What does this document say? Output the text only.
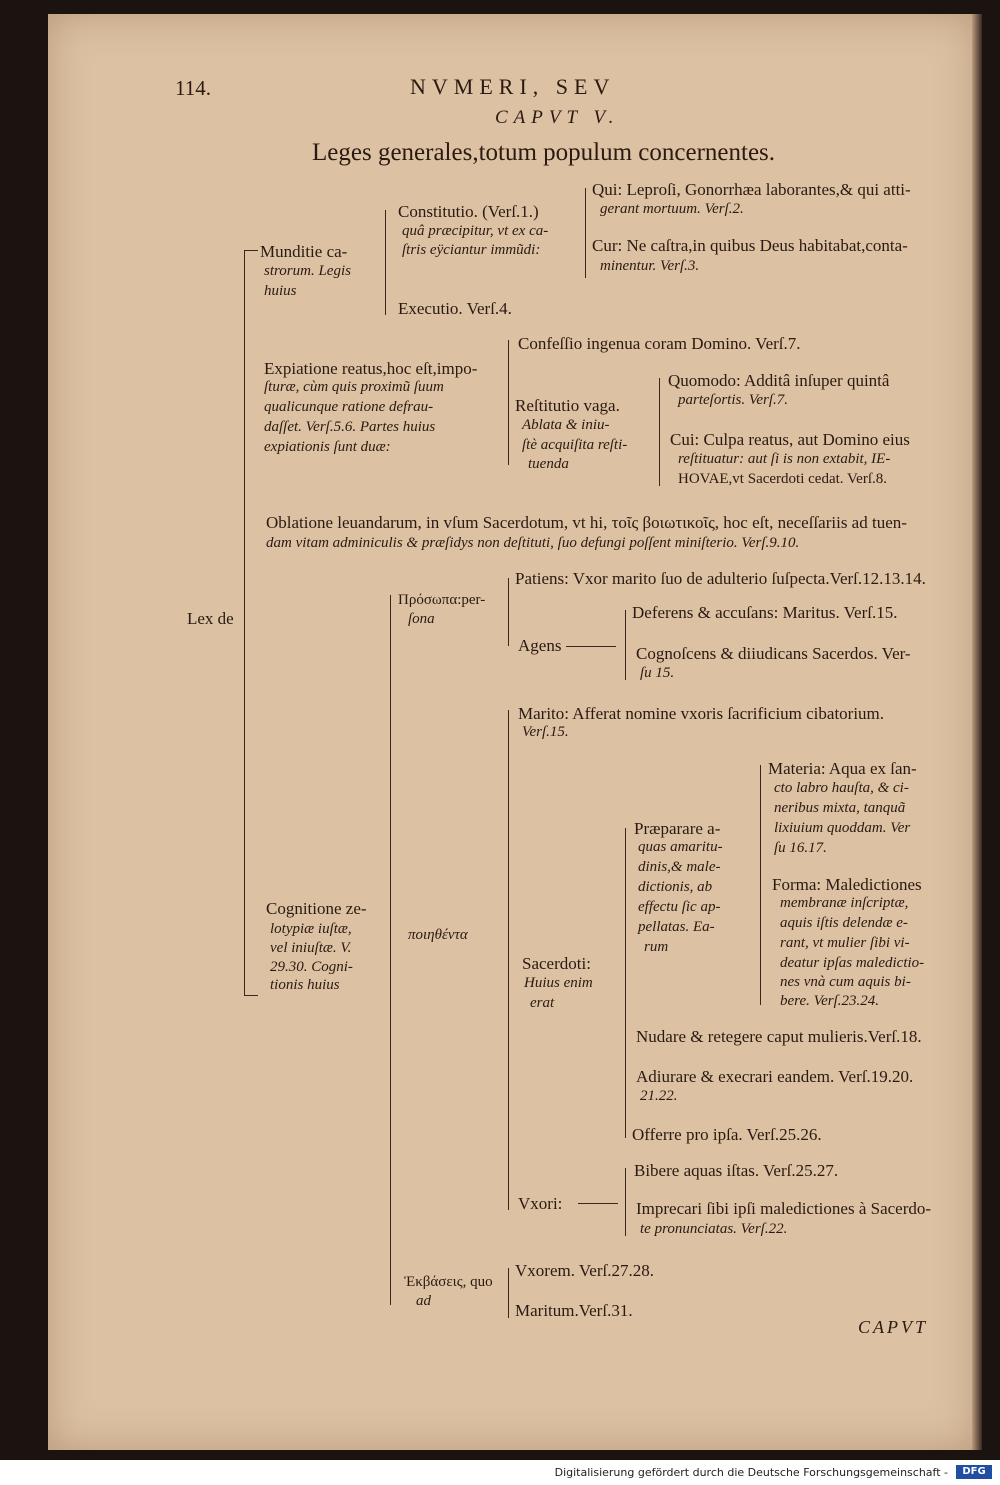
114.	NVMERI, SEV
CAPVT V.
Leges generales,totum populum concernentes.
Lex de
Munditie ca-
strorum. Legis
huius
Constitutio. (Verſ.1.)
quâ præcipitur, vt ex ca-
ſtris eÿciantur immũdi:
Qui: Leproſi, Gonorrhæa laborantes,& qui atti-
gerant mortuum. Verſ.2.
Cur: Ne caſtra,in quibus Deus habitabat,conta-
minentur. Verſ.3.
Executio. Verſ.4.
Expiatione reatus,hoc eſt,impo-
ſturæ, cùm quis proximũ ſuum
qualicunque ratione defrau-
daſſet. Verſ.5.6. Partes huius
expiationis ſunt duæ:
Confeſſio ingenua coram Domino. Verſ.7.
Reſtitutio vaga.
Ablata & iniu-
ſtè acquiſita reſti-
tuenda
Quomodo: Additâ inſuper quintâ
parteſortis. Verſ.7.
Cui: Culpa reatus, aut Domino eius
reſtituatur: aut ſi is non extabit, IE-
HOVAE,vt Sacerdoti cedat. Verſ.8.
Oblatione leuandarum, in vſum Sacerdotum, vt hi, τοῖς βοιωτικοῖς, hoc eſt, neceſſariis ad tuen-
dam vitam adminiculis & præſidys non deſtituti, ſuo defungi poſſent miniſterio. Verſ.9.10.
Cognitione ze-
lotypiæ iuſtæ,
vel iniuſtæ. V.
29.30. Cogni-
tionis huius
Πρόσωπα:per-
ſona
Patiens: Vxor marito ſuo de adulterio ſuſpecta.Verſ.12.13.14.
Agens
Deferens & accuſans: Maritus. Verſ.15.
Cognoſcens & diiudicans Sacerdos. Ver-
ſu 15.
ποιηθέντα
Marito: Afferat nomine vxoris ſacrificium cibatorium.
Verſ.15.
Sacerdoti:
Huius enim
erat
Præparare a-
quas amaritu-
dinis,& male-
dictionis, ab
effectu ſic ap-
pellatas. Ea-
rum
Materia: Aqua ex ſan-
cto labro hauſta, & ci-
neribus mixta, tanquã
lixiuium quoddam. Ver
ſu 16.17.
Forma: Maledictiones
membranæ inſcriptæ,
aquis iſtis delendæ e-
rant, vt mulier ſibi vi-
deatur ipſas maledictio-
nes vnà cum aquis bi-
bere. Verſ.23.24.
Nudare & retegere caput mulieris.Verſ.18.
Adiurare & execrari eandem. Verſ.19.20.
21.22.
Offerre pro ipſa. Verſ.25.26.
Vxori:
Bibere aquas iſtas. Verſ.25.27.
Imprecari ſibi ipſi maledictiones à Sacerdo-
te pronunciatas. Verſ.22.
Ἐκβάσεις, quo
ad
Vxorem. Verſ.27.28.
Maritum.Verſ.31.
CAPVT
Digitalisierung gefördert durch die Deutsche Forschungsgemeinschaft -	DFG
